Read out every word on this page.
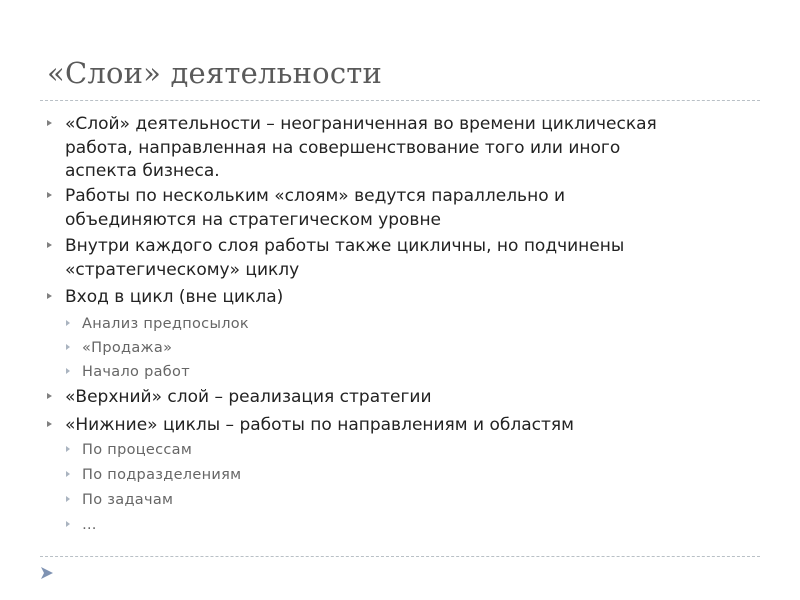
«Слои» деятельности
«Слой» деятельности – неограниченная во времени циклическая
работа, направленная на совершенствование того или иного
аспекта бизнеса.
Работы по нескольким «слоям» ведутся параллельно и
объединяются на стратегическом уровне
Внутри каждого слоя работы также цикличны, но подчинены
«стратегическому» циклу
Вход в цикл (вне цикла)
Анализ предпосылок
«Продажа»
Начало работ
«Верхний» слой – реализация стратегии
«Нижние» циклы – работы по направлениям и областям
По процессам
По подразделениям
По задачам
…
